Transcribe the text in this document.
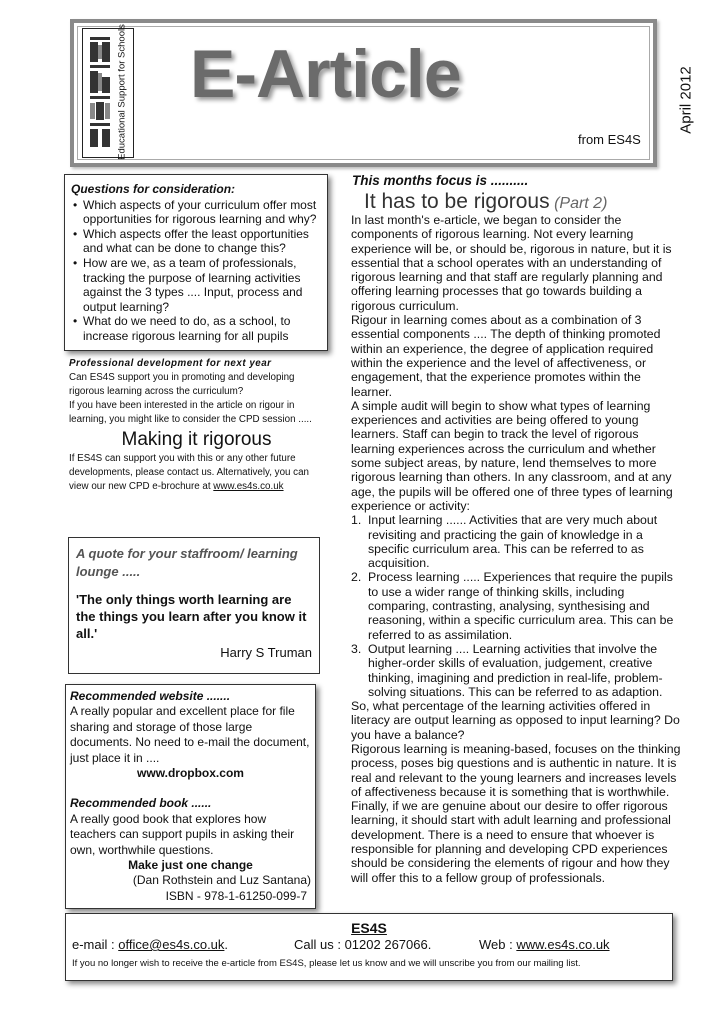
Educational Support for Schools E-Article
from ES4S
April 2012
Questions for consideration:
• Which aspects of your curriculum offer most opportunities for rigorous learning and why?
• Which aspects offer the least opportunities and what can be done to change this?
• How are we, as a team of professionals, tracking the purpose of learning activities against the 3 types .... Input, process and output learning?
• What do we need to do, as a school, to increase rigorous learning for all pupils
Professional development for next year
Can ES4S support you in promoting and developing rigorous learning across the curriculum?
If you have been interested in the article on rigour in learning, you might like to consider the CPD session .....
Making it rigorous
If ES4S can support you with this or any other future developments, please contact us. Alternatively, you can view our new CPD e-brochure at www.es4s.co.uk
A quote for your staffroom/ learning lounge .....
'The only things worth learning are the things you learn after you know it all.'
Harry S Truman
Recommended website .......
A really popular and excellent place for file sharing and storage of those large documents. No need to e-mail the document, just place it in ....
www.dropbox.com
Recommended book ......
A really good book that explores how teachers can support pupils in asking their own, worthwhile questions.
Make just one change
(Dan Rothstein and Luz Santana)
ISBN - 978-1-61250-099-7
This months focus is ..........
It has to be rigorous (Part 2)

In last month's e-article, we began to consider the components of rigorous learning. Not every learning experience will be, or should be, rigorous in nature, but it is essential that a school operates with an understanding of rigorous learning and that staff are regularly planning and offering learning processes that go towards building a rigorous curriculum.

Rigour in learning comes about as a combination of 3 essential components .... The depth of thinking promoted within an experience, the degree of application required within the experience and the level of affectiveness, or engagement, that the experience promotes within the learner.

A simple audit will begin to show what types of learning experiences and activities are being offered to young learners. Staff can begin to track the level of rigorous learning experiences across the curriculum and whether some subject areas, by nature, lend themselves to more rigorous learning than others. In any classroom, and at any age, the pupils will be offered one of three types of learning experience or activity:

1. Input learning ...... Activities that are very much about revisiting and practicing the gain of knowledge in a specific curriculum area. This can be referred to as acquisition.
2. Process learning ..... Experiences that require the pupils to use a wider range of thinking skills, including comparing, contrasting, analysing, synthesising and reasoning, within a specific curriculum area. This can be referred to as assimilation.
3. Output learning .... Learning activities that involve the higher-order skills of evaluation, judgement, creative thinking, imagining and prediction in real-life, problem-solving situations. This can be referred to as adaption.

So, what percentage of the learning activities offered in literacy are output learning as opposed to input learning? Do you have a balance?

Rigorous learning is meaning-based, focuses on the thinking process, poses big questions and is authentic in nature. It is real and relevant to the young learners and increases levels of affectiveness because it is something that is worthwhile.

Finally, if we are genuine about our desire to offer rigorous learning, it should start with adult learning and professional development. There is a need to ensure that whoever is responsible for planning and developing CPD experiences should be considering the elements of rigour and how they will offer this to a fellow group of professionals.

ES4S
e-mail : office@es4s.co.uk.	Call us : 01202 267066.	Web : www.es4s.co.uk
If you no longer wish to receive the e-article from ES4S, please let us know and we will unscribe you from our mailing list.
